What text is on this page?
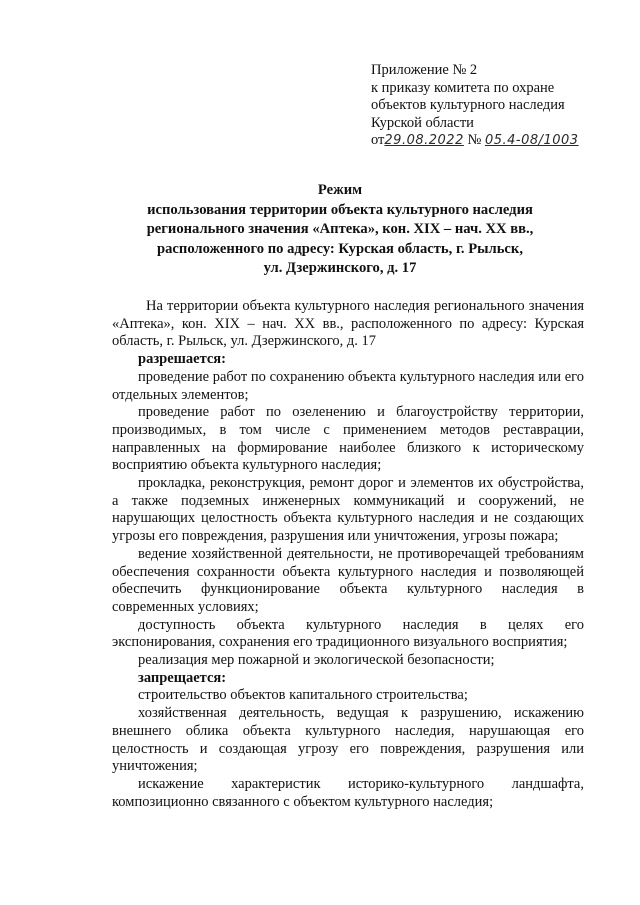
Приложение № 2
к приказу комитета по охране
объектов культурного наследия
Курской области
от29.08.2022 № 05.4-08/1003
Режим
использования территории объекта культурного наследия
регионального значения «Аптека», кон. XIX – нач. XX вв.,
расположенного по адресу: Курская область, г. Рыльск,
ул. Дзержинского, д. 17

На территории объекта культурного наследия регионального значения «Аптека», кон. XIX – нач. XX вв., расположенного по адресу: Курская область, г. Рыльск, ул. Дзержинского, д. 17

разрешается:

проведение работ по сохранению объекта культурного наследия или его отдельных элементов;

проведение работ по озеленению и благоустройству территории, производимых, в том числе с применением методов реставрации, направленных на формирование наиболее близкого к историческому восприятию объекта культурного наследия;

прокладка, реконструкция, ремонт дорог и элементов их обустройства, а также подземных инженерных коммуникаций и сооружений, не нарушающих целостность объекта культурного наследия и не создающих угрозы его повреждения, разрушения или уничтожения, угрозы пожара;

ведение хозяйственной деятельности, не противоречащей требованиям обеспечения сохранности объекта культурного наследия и позволяющей обеспечить функционирование объекта культурного наследия в современных условиях;

доступность объекта культурного наследия в целях его экспонирования, сохранения его традиционного визуального восприятия;

реализация мер пожарной и экологической безопасности;

запрещается:

строительство объектов капитального строительства;

хозяйственная деятельность, ведущая к разрушению, искажению внешнего облика объекта культурного наследия, нарушающая его целостность и создающая угрозу его повреждения, разрушения или уничтожения;

искажение характеристик историко-культурного ландшафта, композиционно связанного с объектом культурного наследия;
